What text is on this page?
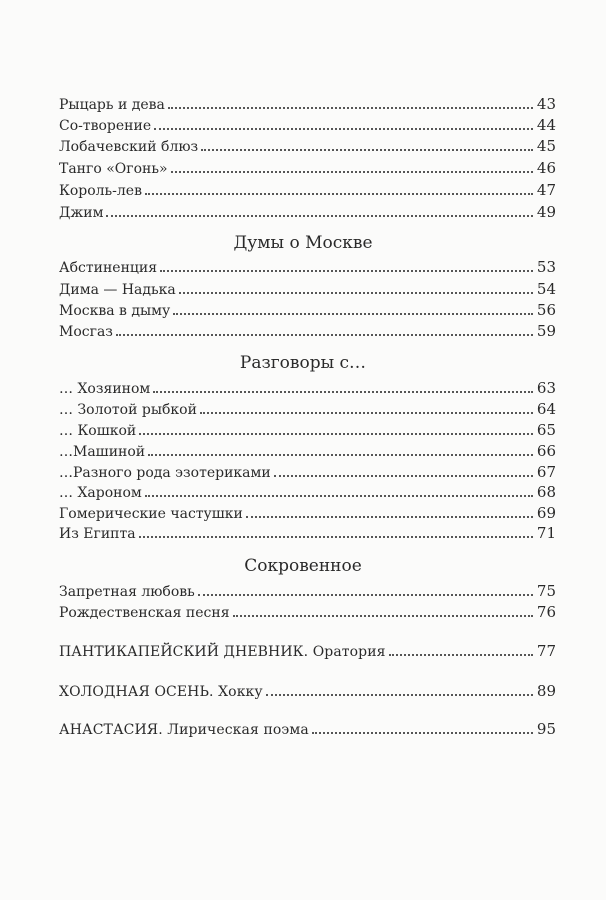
Рыцарь и дева	43
Со-творение	44
Лобачевский блюз	45
Танго «Огонь»	46
Король-лев	47
Джим	49
Думы о Москве
Абстиненция	53
Дима — Надька	54
Москва в дыму	56
Мосгаз	59
Разговоры с…
… Хозяином	63
… Золотой рыбкой	64
… Кошкой	65
…Машиной	66
…Разного рода эзотериками	67
… Хароном	68
Гомерические частушки	69
Из Египта	71
Сокровенное
Запретная любовь	75
Рождественская песня	76
ПАНТИКАПЕЙСКИЙ ДНЕВНИК. Оратория	77
ХОЛОДНАЯ ОСЕНЬ. Хокку	89
АНАСТАСИЯ. Лирическая поэма	95
